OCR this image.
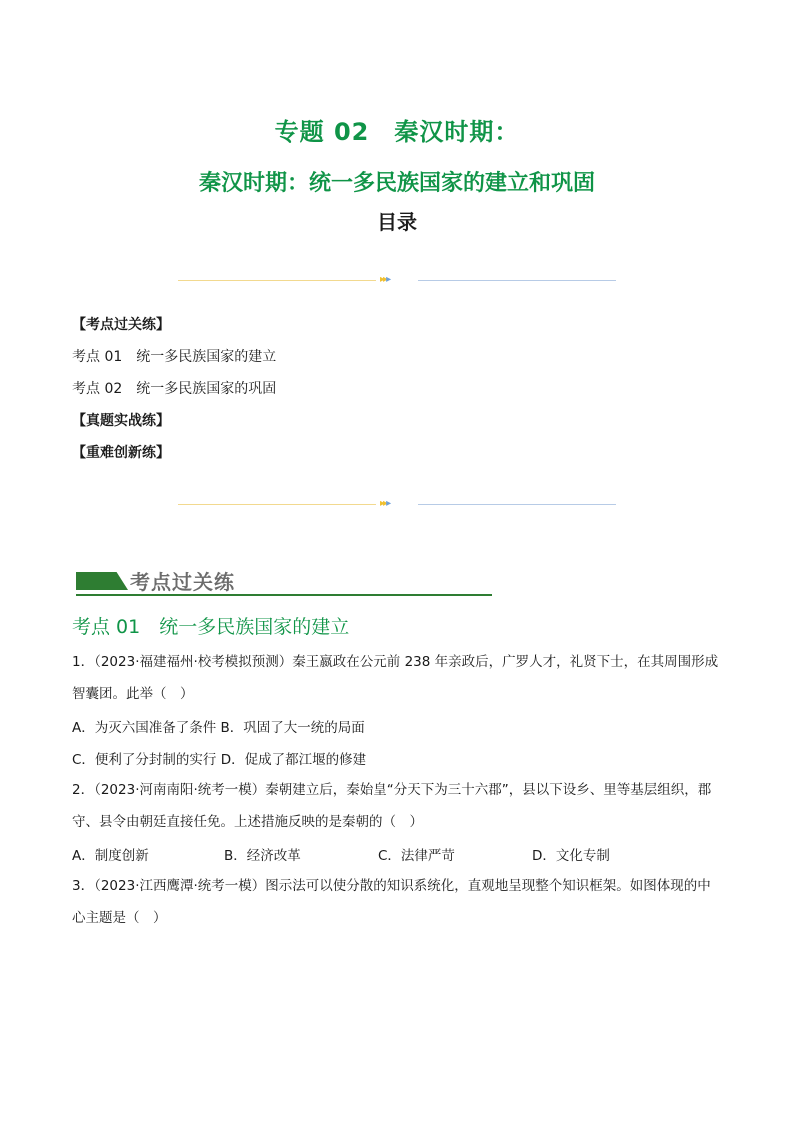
专题 02　秦汉时期：
秦汉时期：统一多民族国家的建立和巩固
目录
▸▸▸
【考点过关练】
考点 01　统一多民族国家的建立
考点 02　统一多民族国家的巩固
【真题实战练】
【重难创新练】
▸▸▸
考点过关练
考点 01　统一多民族国家的建立
1．（2023·福建福州·校考模拟预测）秦王嬴政在公元前 238 年亲政后，广罗人才，礼贤下士，在其周围形成智囊团。此举（　）
A．为灭六国准备了条件 B．巩固了大一统的局面
C．便利了分封制的实行 D．促成了都江堰的修建
2．（2023·河南南阳·统考一模）秦朝建立后，秦始皇“分天下为三十六郡”，县以下设乡、里等基层组织，郡守、县令由朝廷直接任免。上述措施反映的是秦朝的（　）
A．制度创新	B．经济改革	C．法律严苛	D．文化专制
3．（2023·江西鹰潭·统考一模）图示法可以使分散的知识系统化，直观地呈现整个知识框架。如图体现的中心主题是（　）
